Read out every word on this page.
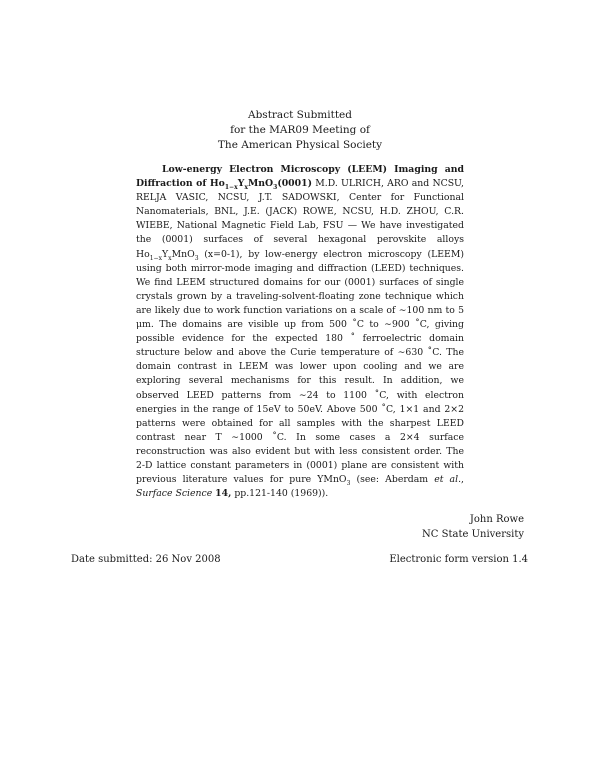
Abstract Submitted
for the MAR09 Meeting of
The American Physical Society
Low-energy Electron Microscopy (LEEM) Imaging and Diffraction of $Ho_{1-x}Y_xMnO_3(0001)$ M.D. ULRICH, ARO and NCSU, RELJA VASIC, NCSU, J.T. SADOWSKI, Center for Functional Nanomaterials, BNL, J.E. (JACK) ROWE, NCSU, H.D. ZHOU, C.R. WIEBE, National Magnetic Field Lab, FSU — We have investigated the (0001) surfaces of several hexagonal perovskite alloys $Ho_{1-x}Y_xMnO_3$ (x=0-1), by low-energy electron microscopy (LEEM) using both mirror-mode imaging and diffraction (LEED) techniques. We find LEEM structured domains for our (0001) surfaces of single crystals grown by a traveling-solvent-floating zone technique which are likely due to work function variations on a scale of ∼100 nm to 5 μm. The domains are visible up from 500 ˚C to ∼900 ˚C, giving possible evidence for the expected 180 ˚ ferroelectric domain structure below and above the Curie temperature of ∼630 ˚C. The domain contrast in LEEM was lower upon cooling and we are exploring several mechanisms for this result. In addition, we observed LEED patterns from ∼24 to 1100 ˚C, with electron energies in the range of 15eV to 50eV. Above 500 ˚C, 1×1 and 2×2 patterns were obtained for all samples with the sharpest LEED contrast near T ∼1000 ˚C. In some cases a 2×4 surface reconstruction was also evident but with less consistent order. The 2-D lattice constant parameters in (0001) plane are consistent with previous literature values for pure YMnO$_3$ (see: Aberdam et al., Surface Science 14, pp.121-140 (1969)).
John Rowe
NC State University
Date submitted: 26 Nov 2008	Electronic form version 1.4
